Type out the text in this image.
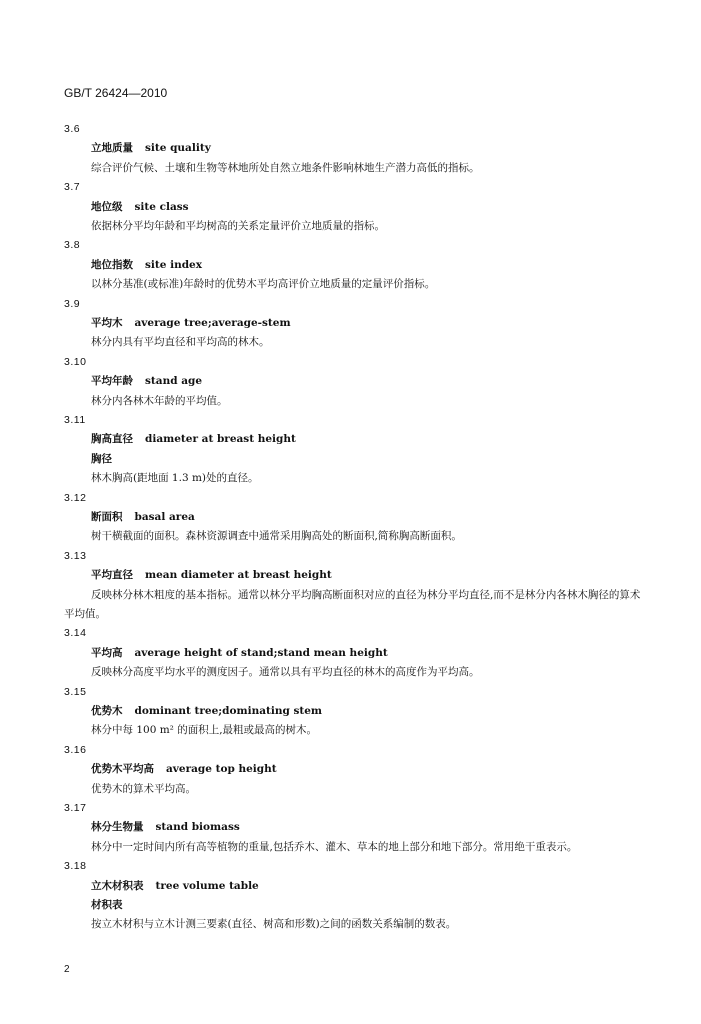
GB/T 26424—2010
3.6
立地质量 site quality

综合评价气候、土壤和生物等林地所处自然立地条件影响林地生产潜力高低的指标。

3.7
地位级 site class

依据林分平均年龄和平均树高的关系定量评价立地质量的指标。

3.8
地位指数 site index

以林分基准(或标准)年龄时的优势木平均高评价立地质量的定量评价指标。

3.9
平均木 average tree;average-stem

林分内具有平均直径和平均高的林木。

3.10
平均年龄 stand age

林分内各林木年龄的平均值。

3.11
胸高直径 diameter at breast height
胸径

林木胸高(距地面 1.3 m)处的直径。

3.12
断面积 basal area

树干横截面的面积。森林资源调查中通常采用胸高处的断面积,简称胸高断面积。

3.13
平均直径 mean diameter at breast height

反映林分林木粗度的基本指标。通常以林分平均胸高断面积对应的直径为林分平均直径,而不是林分内各林木胸径的算术平均值。

3.14
平均高 average height of stand;stand mean height

反映林分高度平均水平的测度因子。通常以具有平均直径的林木的高度作为平均高。

3.15
优势木 dominant tree;dominating stem

林分中每 100 m² 的面积上,最粗或最高的树木。

3.16
优势木平均高 average top height

优势木的算术平均高。

3.17
林分生物量 stand biomass

林分中一定时间内所有高等植物的重量,包括乔木、灌木、草本的地上部分和地下部分。常用绝干重表示。

3.18
立木材积表 tree volume table
材积表

按立木材积与立木计测三要素(直径、树高和形数)之间的函数关系编制的数表。

2
